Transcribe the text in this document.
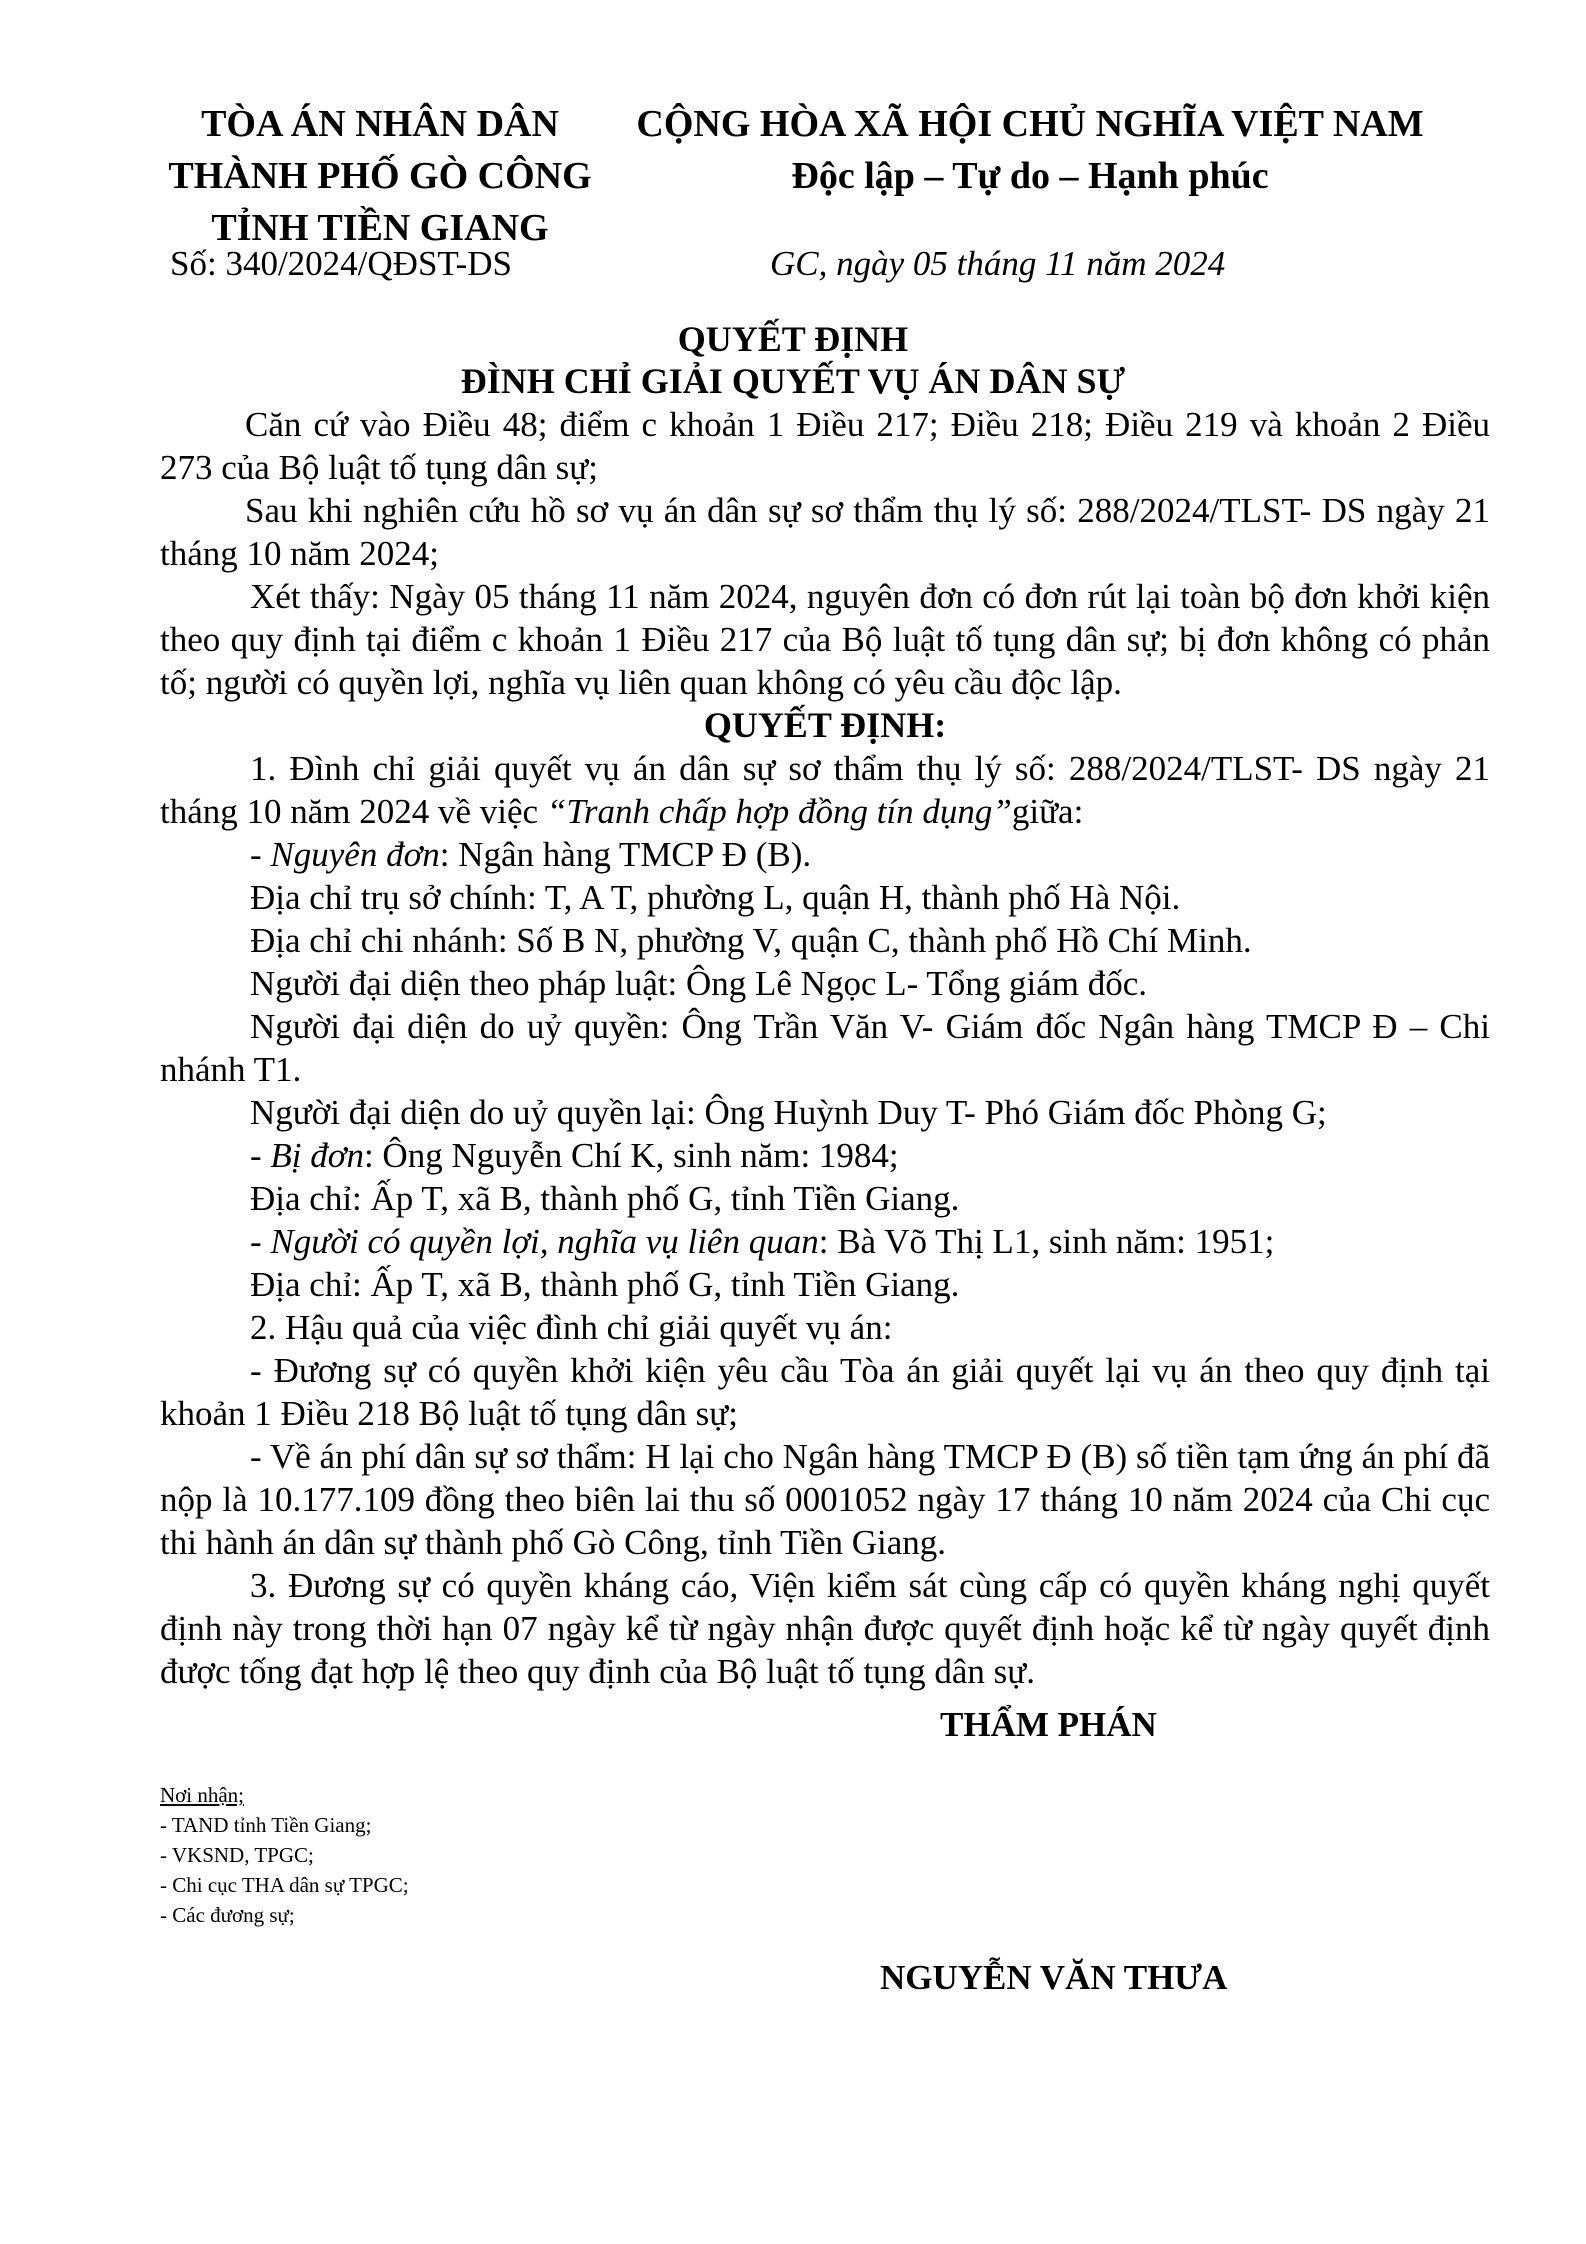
TÒA ÁN NHÂN DÂN
THÀNH PHỐ GÒ CÔNG
TỈNH TIỀN GIANG
Số: 340/2024/QĐST-DS
CỘNG HÒA XÃ HỘI CHỦ NGHĨA VIỆT NAM
Độc lập – Tự do – Hạnh phúc
GC, ngày 05 tháng 11 năm 2024
QUYẾT ĐỊNH
ĐÌNH CHỈ GIẢI QUYẾT VỤ ÁN DÂN SỰ

Căn cứ vào Điều 48; điểm c khoản 1 Điều 217; Điều 218; Điều 219 và khoản 2 Điều 273 của Bộ luật tố tụng dân sự;

Sau khi nghiên cứu hồ sơ vụ án dân sự sơ thẩm thụ lý số: 288/2024/TLST- DS ngày 21 tháng 10 năm 2024;

Xét thấy: Ngày 05 tháng 11 năm 2024, nguyên đơn có đơn rút lại toàn bộ đơn khởi kiện theo quy định tại điểm c khoản 1 Điều 217 của Bộ luật tố tụng dân sự; bị đơn không có phản tố; người có quyền lợi, nghĩa vụ liên quan không có yêu cầu độc lập.

QUYẾT ĐỊNH:

1. Đình chỉ giải quyết vụ án dân sự sơ thẩm thụ lý số: 288/2024/TLST- DS ngày 21 tháng 10 năm 2024 về việc “Tranh chấp hợp đồng tín dụng”giữa:

- Nguyên đơn: Ngân hàng TMCP Đ (B).

Địa chỉ trụ sở chính: T, A T, phường L, quận H, thành phố Hà Nội.

Địa chỉ chi nhánh: Số B N, phường V, quận C, thành phố Hồ Chí Minh.

Người đại diện theo pháp luật: Ông Lê Ngọc L- Tổng giám đốc.

Người đại diện do uỷ quyền: Ông Trần Văn V- Giám đốc Ngân hàng TMCP Đ – Chi nhánh T1.

Người đại diện do uỷ quyền lại: Ông Huỳnh Duy T- Phó Giám đốc Phòng G;

- Bị đơn: Ông Nguyễn Chí K, sinh năm: 1984;

Địa chỉ: Ấp T, xã B, thành phố G, tỉnh Tiền Giang.

- Người có quyền lợi, nghĩa vụ liên quan: Bà Võ Thị L1, sinh năm: 1951;

Địa chỉ: Ấp T, xã B, thành phố G, tỉnh Tiền Giang.

2. Hậu quả của việc đình chỉ giải quyết vụ án:

- Đương sự có quyền khởi kiện yêu cầu Tòa án giải quyết lại vụ án theo quy định tại khoản 1 Điều 218 Bộ luật tố tụng dân sự;

- Về án phí dân sự sơ thẩm: H lại cho Ngân hàng TMCP Đ (B) số tiền tạm ứng án phí đã nộp là 10.177.109 đồng theo biên lai thu số 0001052 ngày 17 tháng 10 năm 2024 của Chi cục thi hành án dân sự thành phố Gò Công, tỉnh Tiền Giang.

3. Đương sự có quyền kháng cáo, Viện kiểm sát cùng cấp có quyền kháng nghị quyết định này trong thời hạn 07 ngày kể từ ngày nhận được quyết định hoặc kể từ ngày quyết định được tống đạt hợp lệ theo quy định của Bộ luật tố tụng dân sự.

THẨM PHÁN
NGUYỄN VĂN THƯA
Nơi nhận;
- TAND tỉnh Tiền Giang;
- VKSND, TPGC;
- Chi cục THA dân sự TPGC;
- Các đương sự;
